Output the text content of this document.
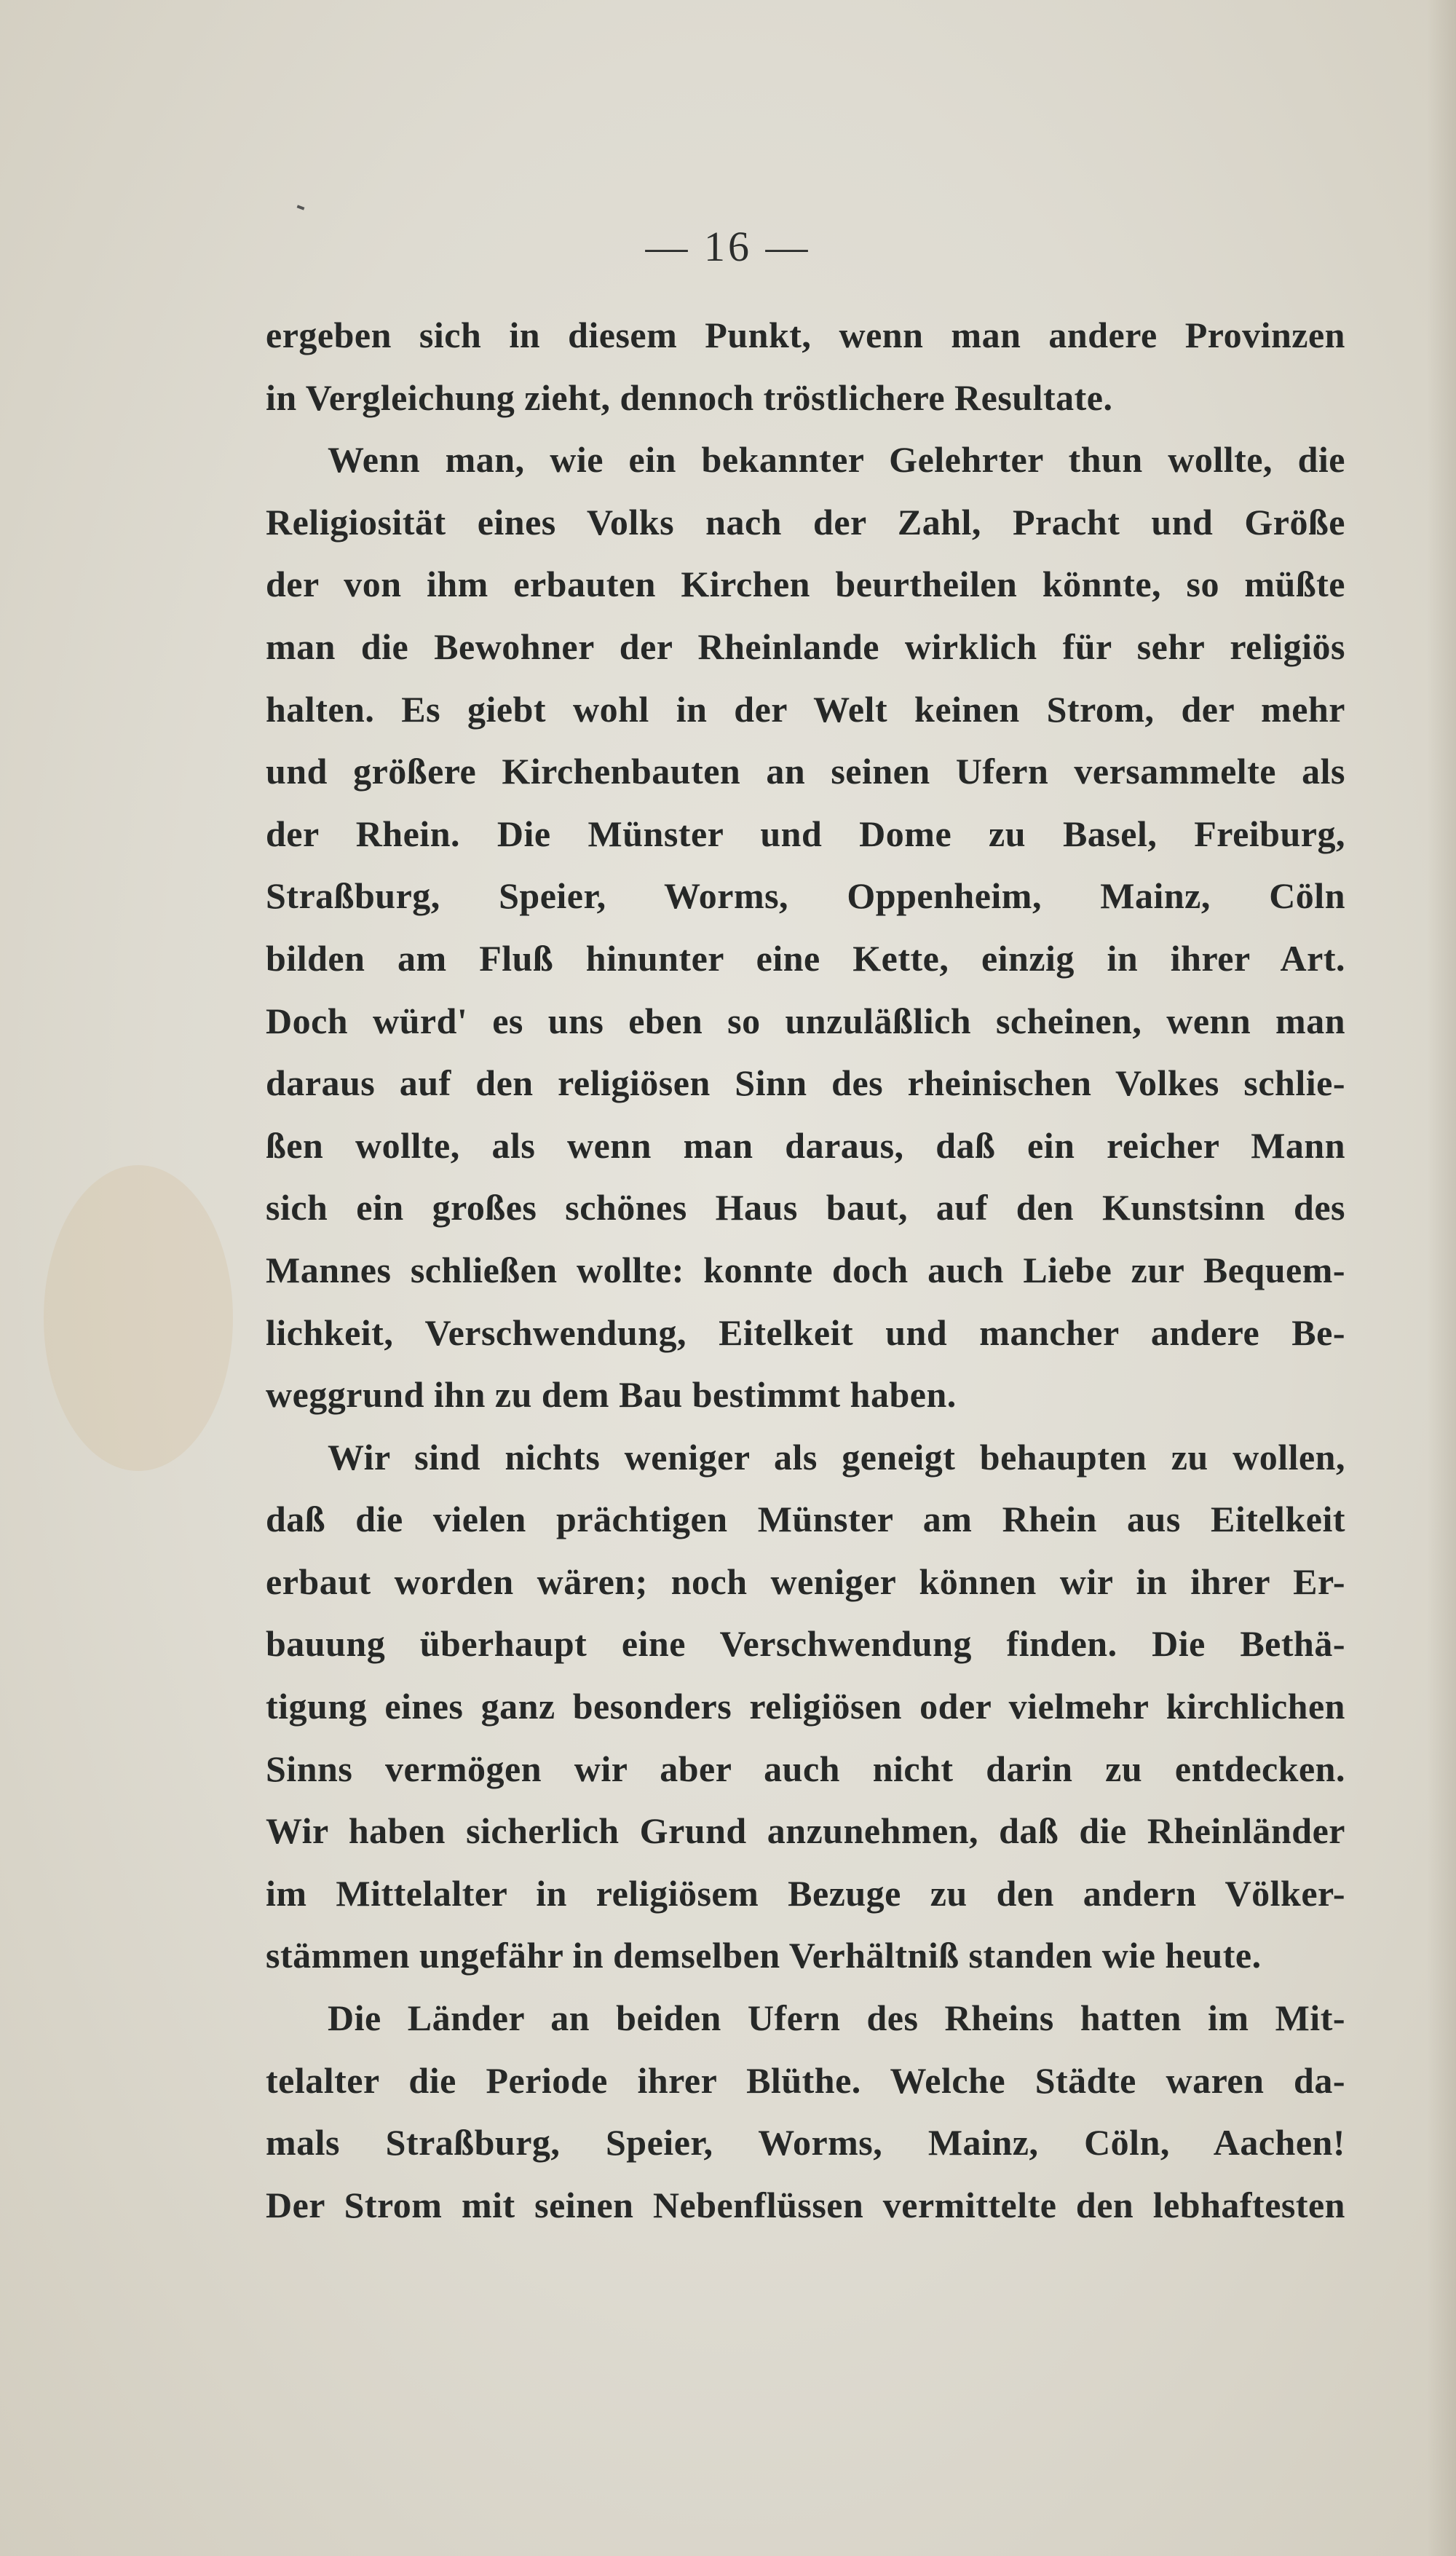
— 16 —
ergeben sich in diesem Punkt, wenn man andere Provinzen
in Vergleichung zieht, dennoch tröstlichere Resultate.
Wenn man, wie ein bekannter Gelehrter thun wollte, die
Religiosität eines Volks nach der Zahl, Pracht und Größe
der von ihm erbauten Kirchen beurtheilen könnte, so müßte
man die Bewohner der Rheinlande wirklich für sehr religiös
halten. Es giebt wohl in der Welt keinen Strom, der mehr
und größere Kirchenbauten an seinen Ufern versammelte als
der Rhein. Die Münster und Dome zu Basel, Freiburg,
Straßburg, Speier, Worms, Oppenheim, Mainz, Cöln
bilden am Fluß hinunter eine Kette, einzig in ihrer Art.
Doch würd' es uns eben so unzuläßlich scheinen, wenn man
daraus auf den religiösen Sinn des rheinischen Volkes schlie-
ßen wollte, als wenn man daraus, daß ein reicher Mann
sich ein großes schönes Haus baut, auf den Kunstsinn des
Mannes schließen wollte: konnte doch auch Liebe zur Bequem-
lichkeit, Verschwendung, Eitelkeit und mancher andere Be-
weggrund ihn zu dem Bau bestimmt haben.
Wir sind nichts weniger als geneigt behaupten zu wollen,
daß die vielen prächtigen Münster am Rhein aus Eitelkeit
erbaut worden wären; noch weniger können wir in ihrer Er-
bauung überhaupt eine Verschwendung finden. Die Bethä-
tigung eines ganz besonders religiösen oder vielmehr kirchlichen
Sinns vermögen wir aber auch nicht darin zu entdecken.
Wir haben sicherlich Grund anzunehmen, daß die Rheinländer
im Mittelalter in religiösem Bezuge zu den andern Völker-
stämmen ungefähr in demselben Verhältniß standen wie heute.
Die Länder an beiden Ufern des Rheins hatten im Mit-
telalter die Periode ihrer Blüthe. Welche Städte waren da-
mals Straßburg, Speier, Worms, Mainz, Cöln, Aachen!
Der Strom mit seinen Nebenflüssen vermittelte den lebhaftesten
